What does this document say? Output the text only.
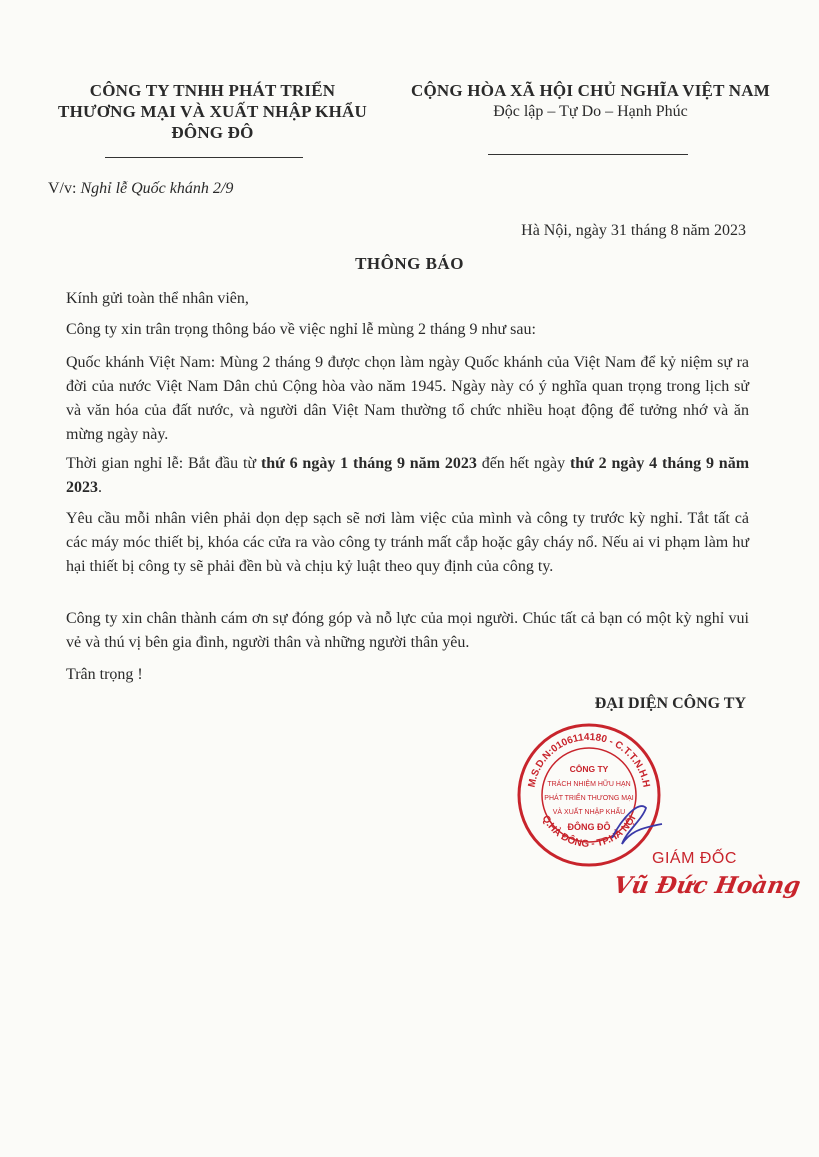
CÔNG TY TNHH PHÁT TRIỂN
THƯƠNG MẠI VÀ XUẤT NHẬP KHẨU
ĐÔNG ĐÔ
CỘNG HÒA XÃ HỘI CHỦ NGHĨA VIỆT NAM
Độc lập – Tự Do – Hạnh Phúc
V/v: Nghỉ lễ Quốc khánh 2/9
Hà Nội, ngày 31 tháng 8 năm 2023
THÔNG BÁO

Kính gửi toàn thể nhân viên,

Công ty xin trân trọng thông báo về việc nghỉ lễ mùng 2 tháng 9 như sau:

Quốc khánh Việt Nam: Mùng 2 tháng 9 được chọn làm ngày Quốc khánh của Việt Nam để kỷ niệm sự ra đời của nước Việt Nam Dân chủ Cộng hòa vào năm 1945. Ngày này có ý nghĩa quan trọng trong lịch sử và văn hóa của đất nước, và người dân Việt Nam thường tổ chức nhiều hoạt động để tưởng nhớ và ăn mừng ngày này.

Thời gian nghỉ lễ: Bắt đầu từ thứ 6 ngày 1 tháng 9 năm 2023 đến hết ngày thứ 2 ngày 4 tháng 9 năm 2023.

Yêu cầu mỗi nhân viên phải dọn dẹp sạch sẽ nơi làm việc của mình và công ty trước kỳ nghỉ. Tắt tất cả các máy móc thiết bị, khóa các cửa ra vào công ty tránh mất cắp hoặc gây cháy nổ. Nếu ai vi phạm làm hư hại thiết bị công ty sẽ phải đền bù và chịu kỷ luật theo quy định của công ty.

Công ty xin chân thành cám ơn sự đóng góp và nỗ lực của mọi người. Chúc tất cả bạn có một kỳ nghỉ vui vẻ và thú vị bên gia đình, người thân và những người thân yêu.

Trân trọng !

ĐẠI DIỆN CÔNG TY
M.S.D.N:0106114180 - C.T.T.N.H.H
Q.HÀ ĐÔNG - TP.HÀ NỘI
CÔNG TY
TRÁCH NHIỆM HỮU HẠN
PHÁT TRIỂN THƯƠNG MẠI
VÀ XUẤT NHẬP KHẨU
ĐÔNG ĐÔ
GIÁM ĐỐC
Vũ Đức Hoàng
